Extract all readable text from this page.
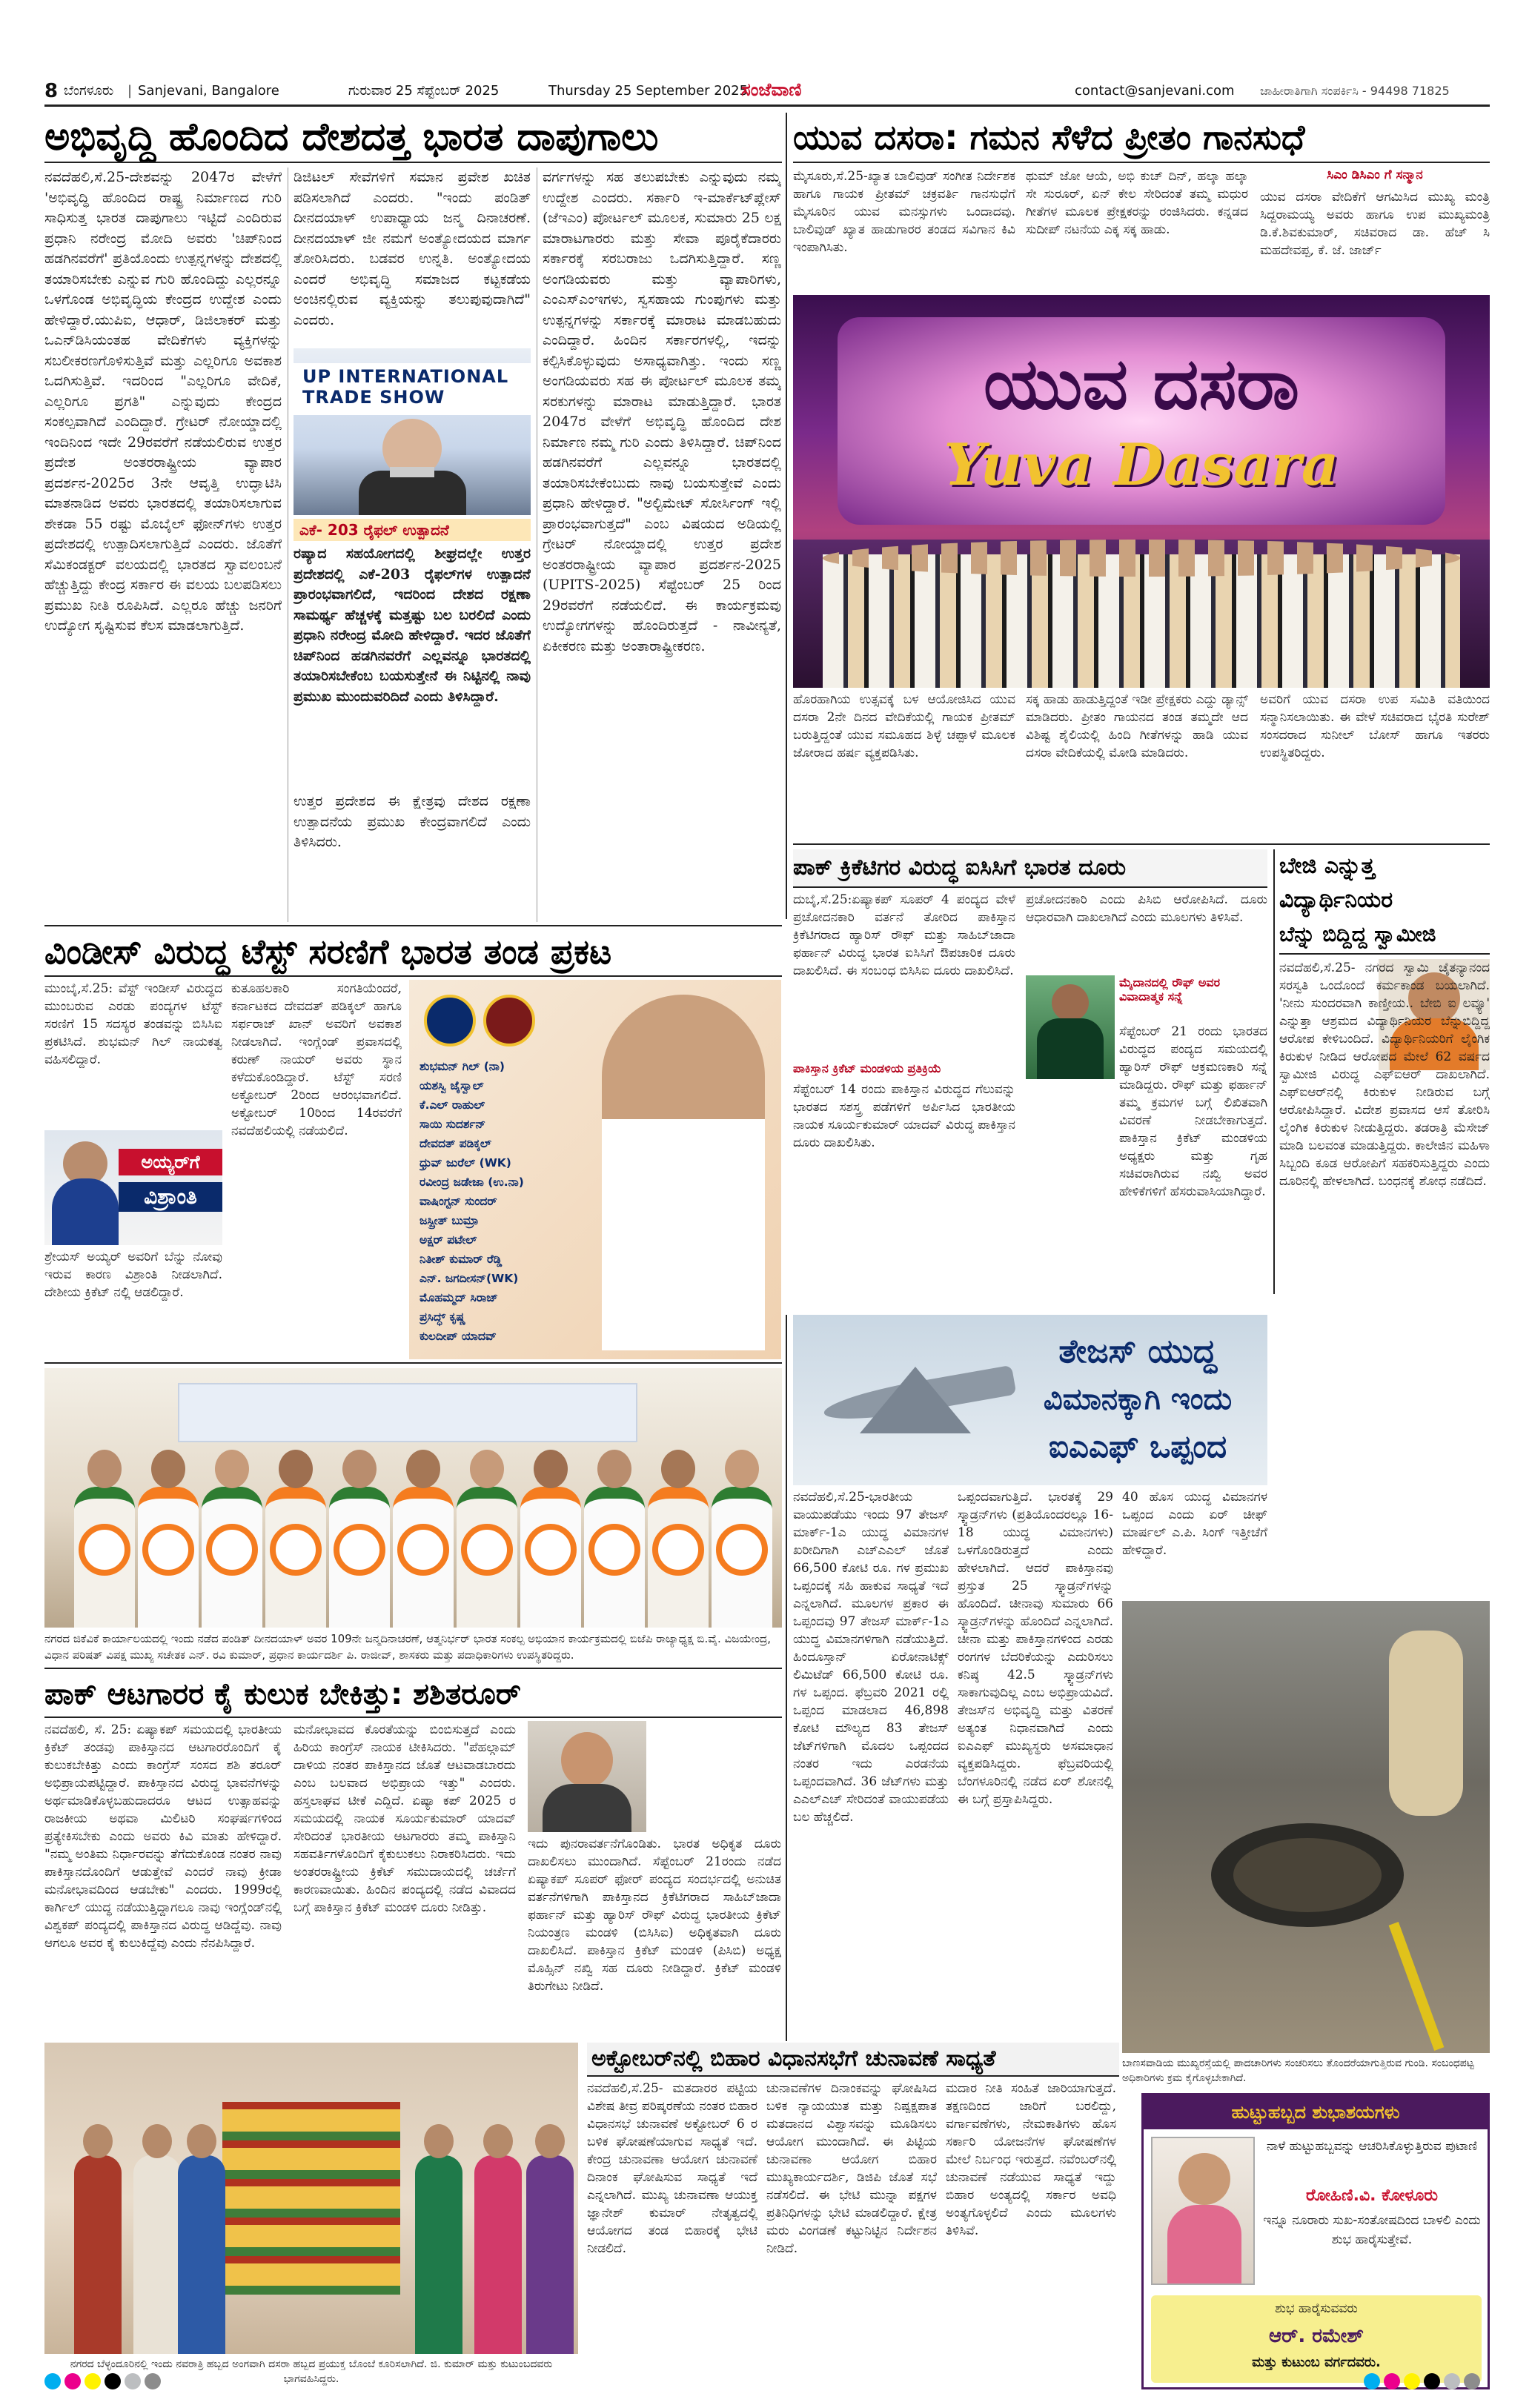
8 ಬೆಂಗಳೂರು | Sanjevani, Bangalore	ಗುರುವಾರ 25 ಸೆಪ್ಟೆಂಬರ್ 2025	Thursday 25 September 2025
ಸಂಜೆವಾಣಿ	contact@sanjevani.com ಜಾಹೀರಾತಿಗಾಗಿ ಸಂಪರ್ಕಿಸಿ - 94498 71825
ಅಭಿವೃದ್ಧಿ ಹೊಂದಿದ ದೇಶದತ್ತ ಭಾರತ ದಾಪುಗಾಲು
ನವದೆಹಲಿ,ಸೆ.25-ದೇಶವನ್ನು 2047ರ ವೇಳೆಗೆ 'ಅಭಿವೃದ್ಧಿ ಹೊಂದಿದ ರಾಷ್ಟ್ರ ನಿರ್ಮಾಣದ ಗುರಿ ಸಾಧಿಸುತ್ತ ಭಾರತ ದಾಪುಗಾಲು ಇಟ್ಟಿದೆ ಎಂದಿರುವ ಪ್ರಧಾನಿ ನರೇಂದ್ರ ಮೋದಿ ಅವರು 'ಚಿಪ್‌ನಿಂದ ಹಡಗಿನವರೆಗೆ' ಪ್ರತಿಯೊಂದು ಉತ್ಪನ್ನಗಳನ್ನು ದೇಶದಲ್ಲಿ ತಯಾರಿಸಬೇಕು ಎನ್ನುವ ಗುರಿ ಹೊಂದಿದ್ದು ಎಲ್ಲರನ್ನೂ ಒಳಗೊಂಡ ಅಭಿವೃದ್ಧಿಯ ಕೇಂದ್ರದ ಉದ್ದೇಶ ಎಂದು ಹೇಳಿದ್ದಾರೆ.ಯುಪಿಐ, ಆಧಾರ್, ಡಿಜಿಲಾಕರ್ ಮತ್ತು ಒಎನ್‌ಡಿಸಿಯಂತಹ ವೇದಿಕೆಗಳು ವ್ಯಕ್ತಿಗಳನ್ನು ಸಬಲೀಕರಣಗೊಳಿಸುತ್ತಿವೆ ಮತ್ತು ಎಲ್ಲರಿಗೂ ಅವಕಾಶ ಒದಗಿಸುತ್ತಿವೆ. ಇದರಿಂದ "ಎಲ್ಲರಿಗೂ ವೇದಿಕೆ, ಎಲ್ಲರಿಗೂ ಪ್ರಗತಿ" ಎನ್ನುವುದು ಕೇಂದ್ರದ ಸಂಕಲ್ಪವಾಗಿದೆ ಎಂದಿದ್ದಾರೆ. ಗ್ರೇಟರ್ ನೋಯ್ಡಾದಲ್ಲಿ ಇಂದಿನಿಂದ ಇದೇ 29ರವರೆಗೆ ನಡೆಯಲಿರುವ ಉತ್ತರ ಪ್ರದೇಶ ಅಂತರರಾಷ್ಟ್ರೀಯ ವ್ಯಾಪಾರ ಪ್ರದರ್ಶನ-2025ರ 3ನೇ ಆವೃತ್ತಿ ಉದ್ಘಾಟಿಸಿ ಮಾತನಾಡಿದ ಅವರು ಭಾರತದಲ್ಲಿ ತಯಾರಿಸಲಾಗುವ ಶೇಕಡಾ 55 ರಷ್ಟು ಮೊಬೈಲ್ ಫೋನ್‌ಗಳು ಉತ್ತರ ಪ್ರದೇಶದಲ್ಲಿ ಉತ್ಪಾದಿಸಲಾಗುತ್ತಿದೆ ಎಂದರು. ಜೊತೆಗೆ ಸೆಮಿಕಂಡಕ್ಟರ್ ವಲಯದಲ್ಲಿ ಭಾರತದ ಸ್ವಾವಲಂಬನೆ ಹೆಚ್ಚುತ್ತಿದ್ದು ಕೇಂದ್ರ ಸರ್ಕಾರ ಈ ವಲಯ ಬಲಪಡಿಸಲು ಪ್ರಮುಖ ನೀತಿ ರೂಪಿಸಿದೆ. ಎಲ್ಲರೂ ಹೆಚ್ಚು ಜನರಿಗೆ ಉದ್ಯೋಗ ಸೃಷ್ಟಿಸುವ ಕೆಲಸ ಮಾಡಲಾಗುತ್ತಿದೆ.
ಡಿಜಿಟಲ್ ಸೇವೆಗಳಿಗೆ ಸಮಾನ ಪ್ರವೇಶ ಖಚಿತ ಪಡಿಸಲಾಗಿದೆ ಎಂದರು. "ಇಂದು ಪಂಡಿತ್ ದೀನದಯಾಳ್ ಉಪಾಧ್ಯಾಯ ಜನ್ಮ ದಿನಾಚರಣೆ. ದೀನದಯಾಳ್ ಜೀ ನಮಗೆ ಅಂತ್ಯೋದಯದ ಮಾರ್ಗ ತೋರಿಸಿದರು. ಬಡವರ ಉನ್ನತಿ. ಅಂತ್ಯೋದಯ ಎಂದರೆ ಅಭಿವೃದ್ಧಿ ಸಮಾಜದ ಕಟ್ಟಕಡೆಯ ಅಂಚಿನಲ್ಲಿರುವ ವ್ಯಕ್ತಿಯನ್ನು ತಲುಪುವುದಾಗಿದೆ" ಎಂದರು.
UP INTERNATIONAL TRADE SHOW
ಎಕೆ- 203 ರೈಫಲ್ ಉತ್ಪಾದನೆ
ರಷ್ಯಾದ ಸಹಯೋಗದಲ್ಲಿ ಶೀಘ್ರದಲ್ಲೇ ಉತ್ತರ ಪ್ರದೇಶದಲ್ಲಿ ಎಕೆ-203 ರೈಫಲ್‌ಗಳ ಉತ್ಪಾದನೆ ಪ್ರಾರಂಭವಾಗಲಿದೆ, ಇದರಿಂದ ದೇಶದ ರಕ್ಷಣಾ ಸಾಮರ್ಥ್ಯ ಹೆಚ್ಚಳಕ್ಕೆ ಮತ್ತಷ್ಟು ಬಲ ಬರಲಿದೆ ಎಂದು ಪ್ರಧಾನಿ ನರೇಂದ್ರ ಮೋದಿ ಹೇಳಿದ್ದಾರೆ. ಇದರ ಜೊತೆಗೆ ಚಿಪ್‌ನಿಂದ ಹಡಗಿನವರೆಗೆ ಎಲ್ಲವನ್ನೂ ಭಾರತದಲ್ಲಿ ತಯಾರಿಸಬೇಕೆಂಬ ಬಯಸುತ್ತೇನೆ ಈ ನಿಟ್ಟಿನಲ್ಲಿ ನಾವು ಪ್ರಮುಖ ಮುಂದುವರಿದಿದೆ ಎಂದು ತಿಳಿಸಿದ್ದಾರೆ.
ಉತ್ತರ ಪ್ರದೇಶದ ಈ ಕ್ಷೇತ್ರವು ದೇಶದ ರಕ್ಷಣಾ ಉತ್ಪಾದನೆಯ ಪ್ರಮುಖ ಕೇಂದ್ರವಾಗಲಿದೆ ಎಂದು ತಿಳಿಸಿದರು.
ವರ್ಗಗಳನ್ನು ಸಹ ತಲುಪಬೇಕು ಎನ್ನುವುದು ನಮ್ಮ ಉದ್ದೇಶ ಎಂದರು. ಸರ್ಕಾರಿ ಇ-ಮಾರ್ಕೆಟ್‌ಪ್ಲೇಸ್ (ಜೆಇಎಂ) ಪೋರ್ಟಲ್ ಮೂಲಕ, ಸುಮಾರು 25 ಲಕ್ಷ ಮಾರಾಟಗಾರರು ಮತ್ತು ಸೇವಾ ಪೂರೈಕೆದಾರರು ಸರ್ಕಾರಕ್ಕೆ ಸರಬರಾಜು ಒದಗಿಸುತ್ತಿದ್ದಾರೆ. ಸಣ್ಣ ಅಂಗಡಿಯವರು ಮತ್ತು ವ್ಯಾಪಾರಿಗಳು, ಎಂಎಸ್‌ಎಂಇಗಳು, ಸ್ವಸಹಾಯ ಗುಂಪುಗಳು ಮತ್ತು ಉತ್ಪನ್ನಗಳನ್ನು ಸರ್ಕಾರಕ್ಕೆ ಮಾರಾಟ ಮಾಡಬಹುದು ಎಂದಿದ್ದಾರೆ. ಹಿಂದಿನ ಸರ್ಕಾರಗಳಲ್ಲಿ, ಇದನ್ನು ಕಲ್ಪಿಸಿಕೊಳ್ಳುವುದು ಅಸಾಧ್ಯವಾಗಿತ್ತು. ಇಂದು ಸಣ್ಣ ಅಂಗಡಿಯವರು ಸಹ ಈ ಪೋರ್ಟಲ್ ಮೂಲಕ ತಮ್ಮ ಸರಕುಗಳನ್ನು ಮಾರಾಟ ಮಾಡುತ್ತಿದ್ದಾರೆ. ಭಾರತ 2047ರ ವೇಳೆಗೆ ಅಭಿವೃದ್ಧಿ ಹೊಂದಿದ ದೇಶ ನಿರ್ಮಾಣ ನಮ್ಮ ಗುರಿ ಎಂದು ತಿಳಿಸಿದ್ದಾರೆ. ಚಿಪ್‌ನಿಂದ ಹಡಗಿನವರೆಗೆ ಎಲ್ಲವನ್ನೂ ಭಾರತದಲ್ಲಿ ತಯಾರಿಸಬೇಕೆಂಬುದು ನಾವು ಬಯಸುತ್ತೇವೆ ಎಂದು ಪ್ರಧಾನಿ ಹೇಳಿದ್ದಾರೆ. "ಅಲ್ಟಿಮೇಟ್ ಸೋರ್ಸಿಂಗ್ ಇಲ್ಲಿ ಪ್ರಾರಂಭವಾಗುತ್ತದೆ" ಎಂಬ ವಿಷಯದ ಅಡಿಯಲ್ಲಿ ಗ್ರೇಟರ್ ನೋಯ್ಡಾದಲ್ಲಿ ಉತ್ತರ ಪ್ರದೇಶ ಅಂತರರಾಷ್ಟ್ರೀಯ ವ್ಯಾಪಾರ ಪ್ರದರ್ಶನ-2025 (UPITS-2025) ಸೆಪ್ಟೆಂಬರ್ 25 ರಿಂದ 29ರವರೆಗೆ ನಡೆಯಲಿದೆ. ಈ ಕಾರ್ಯಕ್ರಮವು ಉದ್ಯೋಗಗಳನ್ನು ಹೊಂದಿರುತ್ತದೆ - ನಾವೀನ್ಯತೆ, ಏಕೀಕರಣ ಮತ್ತು ಅಂತಾರಾಷ್ಟ್ರೀಕರಣ.
ಯುವ ದಸರಾ: ಗಮನ ಸೆಳೆದ ಪ್ರೀತಂ ಗಾನಸುಧೆ
ಮೈಸೂರು,ಸೆ.25-ಖ್ಯಾತ ಬಾಲಿವುಡ್ ಸಂಗೀತ ನಿರ್ದೇಶಕ ಹಾಗೂ ಗಾಯಕ ಪ್ರೀತಮ್ ಚಕ್ರವರ್ತಿ ಗಾನಸುಧೆಗೆ ಮೈಸೂರಿನ ಯುವ ಮನಸ್ಸುಗಳು ಒಂದಾದವು. ಬಾಲಿವುಡ್ ಖ್ಯಾತ ಹಾಡುಗಾರರ ತಂಡದ ಸವಿಗಾನ ಕಿವಿ ಇಂಪಾಗಿಸಿತು.
ಥುಮ್ ಜೋ ಆಯೆ, ಅಭಿ ಕುಚ್ ದಿನ್, ಹಲ್ಕಾ ಹಲ್ಕಾ ಸೇ ಸುರೂರ್, ಏನ್ ಕೇಲ ಸೇರಿದಂತೆ ತಮ್ಮ ಮಧುರ ಗೀತೆಗಳ ಮೂಲಕ ಪ್ರೇಕ್ಷಕರನ್ನು ರಂಜಿಸಿದರು. ಕನ್ನಡದ ಸುದೀಪ್ ನಟನೆಯ ಎಕ್ಕ ಸಕ್ಕ ಹಾಡು.
ಸಿಎಂ ಡಿಸಿಎಂ ಗೆ ಸನ್ಮಾನ
ಯುವ ದಸರಾ ವೇದಿಕೆಗೆ ಆಗಮಿಸಿದ ಮುಖ್ಯ ಮಂತ್ರಿ ಸಿದ್ದರಾಮಯ್ಯ ಅವರು ಹಾಗೂ ಉಪ ಮುಖ್ಯಮಂತ್ರಿ ಡಿ.ಕೆ.ಶಿವಕುಮಾರ್, ಸಚಿವರಾದ ಡಾ. ಹೆಚ್ ಸಿ ಮಹದೇವಪ್ಪ, ಕೆ. ಜೆ. ಜಾರ್ಜ್
ಯುವ ದಸರಾ
Yuva Dasara
ಹೊರಹಾಗಿಯ ಉತ್ಸವಕ್ಕೆ ಬಳ ಆಯೋಜಿಸಿದ ಯುವ ದಸರಾ 2ನೇ ದಿನದ ವೇದಿಕೆಯಲ್ಲಿ ಗಾಯಕ ಪ್ರೀತಮ್ ಬರುತ್ತಿದ್ದಂತೆ ಯುವ ಸಮೂಹದ ಶಿಳ್ಳೆ ಚಪ್ಪಾಳೆ ಮೂಲಕ ಜೋರಾದ ಹರ್ಷ ವ್ಯಕ್ತಪಡಿಸಿತು.
ಸಕ್ಕ ಹಾಡು ಹಾಡುತ್ತಿದ್ದಂತೆ ಇಡೀ ಪ್ರೇಕ್ಷಕರು ಎದ್ದು ಡ್ಯಾನ್ಸ್ ಮಾಡಿದರು. ಪ್ರೀತಂ ಗಾಯನದ ತಂಡ ತಮ್ಮದೇ ಆದ ವಿಶಿಷ್ಟ ಶೈಲಿಯಲ್ಲಿ ಹಿಂದಿ ಗೀತೆಗಳನ್ನು ಹಾಡಿ ಯುವ ದಸರಾ ವೇದಿಕೆಯಲ್ಲಿ ಮೋಡಿ ಮಾಡಿದರು.
ಅವರಿಗೆ ಯುವ ದಸರಾ ಉಪ ಸಮಿತಿ ವತಿಯಿಂದ ಸನ್ಮಾನಿಸಲಾಯಿತು. ಈ ವೇಳೆ ಸಚಿವರಾದ ಭೈರತಿ ಸುರೇಶ್ ಸಂಸದರಾದ ಸುನೀಲ್ ಬೋಸ್ ಹಾಗೂ ಇತರರು ಉಪಸ್ಥಿತರಿದ್ದರು.
ವಿಂಡೀಸ್ ವಿರುದ್ಧ ಟೆಸ್ಟ್ ಸರಣಿಗೆ ಭಾರತ ತಂಡ ಪ್ರಕಟ
ಮುಂಬೈ,ಸೆ.25: ವೆಸ್ಟ್ ಇಂಡೀಸ್ ವಿರುದ್ಧದ ಮುಂಬರುವ ಎರಡು ಪಂದ್ಯಗಳ ಟೆಸ್ಟ್ ಸರಣಿಗೆ 15 ಸದಸ್ಯರ ತಂಡವನ್ನು ಬಿಸಿಸಿಐ ಪ್ರಕಟಿಸಿದೆ. ಶುಭಮನ್ ಗಿಲ್ ನಾಯಕತ್ವ ವಹಿಸಲಿದ್ದಾರೆ.
ಅಯ್ಯರ್‌ಗೆ
ವಿಶ್ರಾಂತಿ
ಶ್ರೇಯಸ್ ಅಯ್ಯರ್ ಅವರಿಗೆ ಬೆನ್ನು ನೋವು ಇರುವ ಕಾರಣ ವಿಶ್ರಾಂತಿ ನೀಡಲಾಗಿದೆ. ದೇಶೀಯ ಕ್ರಿಕೆಟ್ ನಲ್ಲಿ ಆಡಲಿದ್ದಾರೆ.
ಕುತೂಹಲಕಾರಿ ಸಂಗತಿಯೆಂದರೆ, ಕರ್ನಾಟಕದ ದೇವದತ್ ಪಡಿಕ್ಕಲ್ ಹಾಗೂ ಸರ್ಫರಾಜ್ ಖಾನ್ ಅವರಿಗೆ ಅವಕಾಶ ನೀಡಲಾಗಿದೆ. ಇಂಗ್ಲೆಂಡ್ ಪ್ರವಾಸದಲ್ಲಿ ಕರುಣ್ ನಾಯರ್ ಅವರು ಸ್ಥಾನ ಕಳೆದುಕೊಂಡಿದ್ದಾರೆ. ಟೆಸ್ಟ್ ಸರಣಿ ಅಕ್ಟೋಬರ್ 2ರಿಂದ ಆರಂಭವಾಗಲಿದೆ. ಅಕ್ಟೋಬರ್ 10ರಿಂದ 14ರವರೆಗೆ ನವದೆಹಲಿಯಲ್ಲಿ ನಡೆಯಲಿದೆ.
ಶುಭಮನ್ ಗಿಲ್ (ನಾ)
ಯಶಸ್ವಿ ಜೈಸ್ವಾಲ್
ಕೆ.ಎಲ್ ರಾಹುಲ್
ಸಾಯಿ ಸುದರ್ಶನ್
ದೇವದತ್ ಪಡಿಕ್ಕಲ್
ಧ್ರುವ್ ಜುರೆಲ್ (WK)
ರವೀಂದ್ರ ಜಡೇಜಾ (ಉ.ನಾ)
ವಾಷಿಂಗ್ಟನ್ ಸುಂದರ್
ಜಸ್ಪ್ರೀತ್ ಬುಮ್ರಾ
ಅಕ್ಷರ್ ಪಟೇಲ್
ನಿತೀಶ್ ಕುಮಾರ್ ರೆಡ್ಡಿ
ಎನ್. ಜಗದೀಸನ್(WK)
ಮೊಹಮ್ಮದ್ ಸಿರಾಜ್
ಪ್ರಸಿದ್ಧ್ ಕೃಷ್ಣ
ಕುಲದೀಪ್ ಯಾದವ್
ಪಾಕ್ ಕ್ರಿಕೆಟಿಗರ ವಿರುದ್ಧ ಐಸಿಸಿಗೆ ಭಾರತ ದೂರು
ದುಬೈ,ಸೆ.25:ಏಷ್ಯಾಕಪ್ ಸೂಪರ್ 4 ಪಂದ್ಯದ ವೇಳೆ ಪ್ರಚೋದನಕಾರಿ ವರ್ತನೆ ತೋರಿದ ಪಾಕಿಸ್ತಾನ ಕ್ರಿಕೆಟಿಗರಾದ ಹ್ಯಾರಿಸ್ ರೌಫ್ ಮತ್ತು ಸಾಹಿಬ್‌ಜಾದಾ ಫರ್ಹಾನ್ ವಿರುದ್ಧ ಭಾರತ ಐಸಿಸಿಗೆ ಔಪಚಾರಿಕ ದೂರು ದಾಖಲಿಸಿದೆ. ಈ ಸಂಬಂಧ ಬಿಸಿಸಿಐ ದೂರು ದಾಖಲಿಸಿದೆ.
ಪಾಕಿಸ್ತಾನ ಕ್ರಿಕೆಟ್ ಮಂಡಳಿಯ ಪ್ರತಿಕ್ರಿಯೆ
ಸೆಪ್ಟೆಂಬರ್ 14 ರಂದು ಪಾಕಿಸ್ತಾನ ವಿರುದ್ಧದ ಗೆಲುವನ್ನು ಭಾರತದ ಸಶಸ್ತ್ರ ಪಡೆಗಳಿಗೆ ಅರ್ಪಿಸಿದ ಭಾರತೀಯ ನಾಯಕ ಸೂರ್ಯಕುಮಾರ್ ಯಾದವ್ ವಿರುದ್ಧ ಪಾಕಿಸ್ತಾನ ದೂರು ದಾಖಲಿಸಿತು.
ಪ್ರಚೋದನಕಾರಿ ಎಂದು ಪಿಸಿಬಿ ಆರೋಪಿಸಿದೆ. ದೂರು ಆಧಾರವಾಗಿ ದಾಖಲಾಗಿದೆ ಎಂದು ಮೂಲಗಳು ತಿಳಿಸಿವೆ.
ಮೈದಾನದಲ್ಲಿ ರೌಫ್ ಅವರ ವಿವಾದಾತ್ಮಕ ಸನ್ನೆ
ಸೆಪ್ಟೆಂಬರ್ 21 ರಂದು ಭಾರತದ ವಿರುದ್ಧದ ಪಂದ್ಯದ ಸಮಯದಲ್ಲಿ ಹ್ಯಾರಿಸ್ ರೌಫ್ ಆಕ್ರಮಣಕಾರಿ ಸನ್ನೆ ಮಾಡಿದ್ದರು. ರೌಫ್ ಮತ್ತು ಫರ್ಹಾನ್ ತಮ್ಮ ಕ್ರಮಗಳ ಬಗ್ಗೆ ಲಿಖಿತವಾಗಿ ವಿವರಣೆ ನೀಡಬೇಕಾಗುತ್ತದೆ. ಪಾಕಿಸ್ತಾನ ಕ್ರಿಕೆಟ್ ಮಂಡಳಿಯ ಅಧ್ಯಕ್ಷರು ಮತ್ತು ಗೃಹ ಸಚಿವರಾಗಿರುವ ನಖ್ವಿ ಅವರ ಹೇಳಿಕೆಗಳಿಗೆ ಹೆಸರುವಾಸಿಯಾಗಿದ್ದಾರೆ.
ಬೇಜಿ ಎನ್ನುತ್ತ
ವಿದ್ಯಾರ್ಥಿನಿಯರ
ಬೆನ್ನು ಬಿದ್ದಿದ್ದ ಸ್ವಾಮೀಜಿ
ನವದೆಹಲಿ,ಸೆ.25- ನಗರದ ಸ್ವಾಮಿ ಚೈತನ್ಯಾನಂದ ಸರಸ್ವತಿ ಒಂದೊಂದೆ ಕರ್ಮಕಾಂಡ ಬಯಲಾಗಿದೆ. 'ನೀನು ಸುಂದರವಾಗಿ ಕಾಣ್ತೀಯ.. ಬೇಬಿ ಐ ಲವ್ಯೂ' ಎನ್ನುತ್ತಾ ಆಶ್ರಮದ ವಿದ್ಯಾರ್ಥಿನಿಯರ ಬೆನ್ನುಬಿದ್ದಿದ್ದ ಆರೋಪ ಕೇಳಿಬಂದಿದೆ. ವಿದ್ಯಾರ್ಥಿನಿಯರಿಗೆ ಲೈಂಗಿಕ ಕಿರುಕುಳ ನೀಡಿದ ಆರೋಪದ ಮೇಲೆ 62 ವರ್ಷದ ಸ್ವಾಮೀಜಿ ವಿರುದ್ಧ ಎಫ್‌ಐಆರ್ ದಾಖಲಾಗಿದೆ. ಎಫ್‌ಐಆರ್‌ನಲ್ಲಿ ಕಿರುಕುಳ ನೀಡಿರುವ ಬಗ್ಗೆ ಆರೋಪಿಸಿದ್ದಾರೆ. ವಿದೇಶ ಪ್ರವಾಸದ ಆಸೆ ತೋರಿಸಿ ಲೈಂಗಿಕ ಕಿರುಕುಳ ನೀಡುತ್ತಿದ್ದರು. ತಡರಾತ್ರಿ ಮೆಸೇಜ್ ಮಾಡಿ ಬಲವಂತ ಮಾಡುತ್ತಿದ್ದರು. ಕಾಲೇಜಿನ ಮಹಿಳಾ ಸಿಬ್ಬಂದಿ ಕೂಡ ಆರೋಪಿಗೆ ಸಹಕರಿಸುತ್ತಿದ್ದರು ಎಂದು ದೂರಿನಲ್ಲಿ ಹೇಳಲಾಗಿದೆ. ಬಂಧನಕ್ಕೆ ಶೋಧ ನಡೆದಿದೆ.
ನಗರದ ಜಿಕೆವಿಕೆ ಕಾರ್ಯಾಲಯದಲ್ಲಿ ಇಂದು ನಡೆದ ಪಂಡಿತ್ ದೀನದಯಾಳ್ ಅವರ 109ನೇ ಜನ್ಮದಿನಾಚರಣೆ, ಆತ್ಮನಿರ್ಭರ್ ಭಾರತ ಸಂಕಲ್ಪ ಅಭಿಯಾನ ಕಾರ್ಯಕ್ರಮದಲ್ಲಿ ಬಿಜೆಪಿ ರಾಜ್ಯಾಧ್ಯಕ್ಷ ಬಿ.ವೈ. ವಿಜಯೇಂದ್ರ, ವಿಧಾನ ಪರಿಷತ್ ವಿಪಕ್ಷ ಮುಖ್ಯ ಸಚೇತಕ ಎನ್. ರವಿ ಕುಮಾರ್, ಪ್ರಧಾನ ಕಾರ್ಯದರ್ಶಿ ಪಿ. ರಾಜೀವ್, ಶಾಸಕರು ಮತ್ತು ಪದಾಧಿಕಾರಿಗಳು ಉಪಸ್ಥಿತರಿದ್ದರು.
ಪಾಕ್ ಆಟಗಾರರ ಕೈ ಕುಲುಕ ಬೇಕಿತ್ತು: ಶಶಿತರೂರ್
ನವದೆಹಲಿ, ಸೆ. 25: ಏಷ್ಯಾಕಪ್ ಸಮಯದಲ್ಲಿ ಭಾರತೀಯ ಕ್ರಿಕೆಟ್ ತಂಡವು ಪಾಕಿಸ್ತಾನದ ಆಟಗಾರರೊಂದಿಗೆ ಕೈ ಕುಲುಕಬೇಕಿತ್ತು ಎಂದು ಕಾಂಗ್ರೆಸ್ ಸಂಸದ ಶಶಿ ತರೂರ್ ಅಭಿಪ್ರಾಯಪಟ್ಟಿದ್ದಾರೆ. ಪಾಕಿಸ್ತಾನದ ವಿರುದ್ಧ ಭಾವನೆಗಳನ್ನು ಅರ್ಥಮಾಡಿಕೊಳ್ಳಬಹುದಾದರೂ ಆಟದ ಉತ್ಸಾಹವನ್ನು ರಾಜಕೀಯ ಅಥವಾ ಮಿಲಿಟರಿ ಸಂಘರ್ಷಗಳಿಂದ ಪ್ರತ್ಯೇಕಿಸಬೇಕು ಎಂದು ಅವರು ಕಿವಿ ಮಾತು ಹೇಳಿದ್ದಾರೆ. "ನಮ್ಮ ಅಂತಿಮ ನಿರ್ಧಾರವನ್ನು ತೆಗೆದುಕೊಂಡ ನಂತರ ನಾವು ಪಾಕಿಸ್ತಾನದೊಂದಿಗೆ ಆಡುತ್ತೇವೆ ಎಂದರೆ ನಾವು ಕ್ರೀಡಾ ಮನೋಭಾವದಿಂದ ಆಡಬೇಕು" ಎಂದರು. 1999ರಲ್ಲಿ ಕಾರ್ಗಿಲ್ ಯುದ್ಧ ನಡೆಯುತ್ತಿದ್ದಾಗಲೂ ನಾವು ಇಂಗ್ಲೆಂಡ್‌ನಲ್ಲಿ ವಿಶ್ವಕಪ್ ಪಂದ್ಯದಲ್ಲಿ ಪಾಕಿಸ್ತಾನದ ವಿರುದ್ಧ ಆಡಿದ್ದೆವು. ನಾವು ಆಗಲೂ ಅವರ ಕೈ ಕುಲುಕಿದ್ದೆವು ಎಂದು ನೆನಪಿಸಿದ್ದಾರೆ.
ಮನೋಭಾವದ ಕೊರತೆಯನ್ನು ಬಿಂಬಿಸುತ್ತದೆ ಎಂದು ಹಿರಿಯ ಕಾಂಗ್ರೆಸ್ ನಾಯಕ ಟೀಕಿಸಿದರು. "ಪೆಹಲ್ಗಾಮ್ ದಾಳಿಯ ನಂತರ ಪಾಕಿಸ್ತಾನದ ಜೊತೆ ಆಟವಾಡಬಾರದು ಎಂಬ ಬಲವಾದ ಅಭಿಪ್ರಾಯ ಇತ್ತು" ಎಂದರು. ಹಸ್ತಲಾಘವ ಟೀಕೆ ಎದ್ದಿದೆ. ಏಷ್ಯಾ ಕಪ್ 2025 ರ ಸಮಯದಲ್ಲಿ ನಾಯಕ ಸೂರ್ಯಕುಮಾರ್ ಯಾದವ್ ಸೇರಿದಂತೆ ಭಾರತೀಯ ಆಟಗಾರರು ತಮ್ಮ ಪಾಕಿಸ್ತಾನಿ ಸಹವರ್ತಿಗಳೊಂದಿಗೆ ಕೈಕುಲುಕಲು ನಿರಾಕರಿಸಿದರು. ಇದು ಅಂತರರಾಷ್ಟ್ರೀಯ ಕ್ರಿಕೆಟ್ ಸಮುದಾಯದಲ್ಲಿ ಚರ್ಚೆಗೆ ಕಾರಣವಾಯಿತು. ಹಿಂದಿನ ಪಂದ್ಯದಲ್ಲಿ ನಡೆದ ವಿವಾದದ ಬಗ್ಗೆ ಪಾಕಿಸ್ತಾನ ಕ್ರಿಕೆಟ್ ಮಂಡಳಿ ದೂರು ನೀಡಿತ್ತು.
ಇದು ಪುನರಾವರ್ತನೆಗೊಂಡಿತು. ಭಾರತ ಅಧಿಕೃತ ದೂರು ದಾಖಲಿಸಲು ಮುಂದಾಗಿದೆ. ಸೆಪ್ಟೆಂಬರ್ 21ರಂದು ನಡೆದ ಏಷ್ಯಾಕಪ್ ಸೂಪರ್ ಫೋರ್ ಪಂದ್ಯದ ಸಂದರ್ಭದಲ್ಲಿ ಅನುಚಿತ ವರ್ತನೆಗಳಿಗಾಗಿ ಪಾಕಿಸ್ತಾನದ ಕ್ರಿಕೆಟಿಗರಾದ ಸಾಹಿಬ್‌ಜಾದಾ ಫರ್ಹಾನ್ ಮತ್ತು ಹ್ಯಾರಿಸ್ ರೌಫ್ ವಿರುದ್ಧ ಭಾರತೀಯ ಕ್ರಿಕೆಟ್ ನಿಯಂತ್ರಣ ಮಂಡಳಿ (ಬಿಸಿಸಿಐ) ಅಧಿಕೃತವಾಗಿ ದೂರು ದಾಖಲಿಸಿದೆ. ಪಾಕಿಸ್ತಾನ ಕ್ರಿಕೆಟ್ ಮಂಡಳಿ (ಪಿಸಿಬಿ) ಅಧ್ಯಕ್ಷ ಮೊಹ್ಸಿನ್ ನಖ್ವಿ ಸಹ ದೂರು ನೀಡಿದ್ದಾರೆ. ಕ್ರಿಕೆಟ್ ಮಂಡಳಿ ತಿರುಗೇಟು ನೀಡಿದೆ.
ತೇಜಸ್ ಯುದ್ಧ
ವಿಮಾನಕ್ಕಾಗಿ ಇಂದು
ಐಎಎಫ್ ಒಪ್ಪಂದ
ನವದೆಹಲಿ,ಸೆ.25-ಭಾರತೀಯ ವಾಯುಪಡೆಯು ಇಂದು 97 ತೇಜಸ್ ಮಾರ್ಕ್-1ಎ ಯುದ್ಧ ವಿಮಾನಗಳ ಖರೀದಿಗಾಗಿ ಎಚ್‌ಎಎಲ್ ಜೊತೆ 66,500 ಕೋಟಿ ರೂ. ಗಳ ಪ್ರಮುಖ ಒಪ್ಪಂದಕ್ಕೆ ಸಹಿ ಹಾಕುವ ಸಾಧ್ಯತೆ ಇದೆ ಎನ್ನಲಾಗಿದೆ. ಮೂಲಗಳ ಪ್ರಕಾರ ಈ ಒಪ್ಪಂದವು 97 ತೇಜಸ್ ಮಾರ್ಕ್-1ಎ ಯುದ್ಧ ವಿಮಾನಗಳಿಗಾಗಿ ನಡೆಯುತ್ತಿದೆ. ಹಿಂದೂಸ್ತಾನ್ ಏರೋನಾಟಿಕ್ಸ್ ಲಿಮಿಟೆಡ್ 66,500 ಕೋಟಿ ರೂ. ಗಳ ಒಪ್ಪಂದ. ಫೆಬ್ರವರಿ 2021 ರಲ್ಲಿ ಒಪ್ಪಂದ ಮಾಡಲಾದ 46,898 ಕೋಟಿ ಮೌಲ್ಯದ 83 ತೇಜಸ್ ಜೆಟ್‌ಗಳಿಗಾಗಿ ಮೊದಲ ಒಪ್ಪಂದದ ನಂತರ ಇದು ಎರಡನೆಯ ಒಪ್ಪಂದವಾಗಿದೆ. 36 ಜೆಟ್‌ಗಳು ಮತ್ತು ಎಎಲ್‌ಎಚ್ ಸೇರಿದಂತೆ ವಾಯುಪಡೆಯ ಬಲ ಹೆಚ್ಚಲಿದೆ.
ಒಪ್ಪಂದವಾಗುತ್ತಿದೆ. ಭಾರತಕ್ಕೆ 29 ಸ್ಕ್ವಾಡ್ರನ್‌ಗಳು (ಪ್ರತಿಯೊಂದರಲ್ಲೂ 16-18 ಯುದ್ಧ ವಿಮಾನಗಳು) ಒಳಗೊಂಡಿರುತ್ತದೆ ಎಂದು ಹೇಳಲಾಗಿದೆ. ಆದರೆ ಪಾಕಿಸ್ತಾನವು ಪ್ರಸ್ತುತ 25 ಸ್ಕ್ವಾಡ್ರನ್‌ಗಳನ್ನು ಹೊಂದಿದೆ. ಚೀನಾವು ಸುಮಾರು 66 ಸ್ಕ್ವಾಡ್ರನ್‌ಗಳನ್ನು ಹೊಂದಿದೆ ಎನ್ನಲಾಗಿದೆ. ಚೀನಾ ಮತ್ತು ಪಾಕಿಸ್ತಾನಗಳಿಂದ ಎರಡು ರಂಗಗಳ ಬೆದರಿಕೆಯನ್ನು ಎದುರಿಸಲು ಕನಿಷ್ಠ 42.5 ಸ್ಕ್ವಾಡ್ರನ್‌ಗಳು ಸಾಕಾಗುವುದಿಲ್ಲ ಎಂಬ ಅಭಿಪ್ರಾಯವಿದೆ. ತೇಜಸ್‌ನ ಅಭಿವೃದ್ಧಿ ಮತ್ತು ವಿತರಣೆ ಅತ್ಯಂತ ನಿಧಾನವಾಗಿದೆ ಎಂದು ಐಎಎಫ್ ಮುಖ್ಯಸ್ಥರು ಅಸಮಾಧಾನ ವ್ಯಕ್ತಪಡಿಸಿದ್ದರು. ಫೆಬ್ರವರಿಯಲ್ಲಿ ಬೆಂಗಳೂರಿನಲ್ಲಿ ನಡೆದ ಏರ್ ಶೋನಲ್ಲಿ ಈ ಬಗ್ಗೆ ಪ್ರಸ್ತಾಪಿಸಿದ್ದರು.
40 ಹೊಸ ಯುದ್ಧ ವಿಮಾನಗಳ ಒಪ್ಪಂದ ಎಂದು ಏರ್ ಚೀಫ್ ಮಾರ್ಷಲ್ ಎ.ಪಿ. ಸಿಂಗ್ ಇತ್ತೀಚೆಗೆ ಹೇಳಿದ್ದಾರೆ.
ಬಾಣಸವಾಡಿಯ ಮುಖ್ಯರಸ್ತೆಯಲ್ಲಿ ಪಾದಚಾರಿಗಳು ಸಂಚರಿಸಲು ತೊಂದರೆಯಾಗುತ್ತಿರುವ ಗುಂಡಿ. ಸಂಬಂಧಪಟ್ಟ ಅಧಿಕಾರಿಗಳು ಕ್ರಮ ಕೈಗೊಳ್ಳಬೇಕಾಗಿದೆ.
ನಗರದ ಬೆಳ್ಳಂದೂರಿನಲ್ಲಿ ಇಂದು ನವರಾತ್ರಿ ಹಬ್ಬದ ಅಂಗವಾಗಿ ದಸರಾ ಹಬ್ಬದ ಪ್ರಯುಕ್ತ ಬೊಂಬೆ ಕೂರಿಸಲಾಗಿದೆ. ಜಿ. ಕುಮಾರ್ ಮತ್ತು ಕುಟುಂಬದವರು ಭಾಗವಹಿಸಿದ್ದರು.
ಅಕ್ಟೋಬರ್‌ನಲ್ಲಿ ಬಿಹಾರ ವಿಧಾನಸಭೆಗೆ ಚುನಾವಣೆ ಸಾಧ್ಯತೆ
ನವದೆಹಲಿ,ಸೆ.25- ಮತದಾರರ ಪಟ್ಟಿಯ ವಿಶೇಷ ತೀವ್ರ ಪರಿಷ್ಕರಣೆಯ ನಂತರ ಬಿಹಾರ ವಿಧಾನಸಭೆ ಚುನಾವಣೆ ಅಕ್ಟೋಬರ್ 6 ರ ಬಳಿಕ ಘೋಷಣೆಯಾಗುವ ಸಾಧ್ಯತೆ ಇದೆ. ಕೇಂದ್ರ ಚುನಾವಣಾ ಆಯೋಗ ಚುನಾವಣೆ ದಿನಾಂಕ ಘೋಷಿಸುವ ಸಾಧ್ಯತೆ ಇದೆ ಎನ್ನಲಾಗಿದೆ. ಮುಖ್ಯ ಚುನಾವಣಾ ಆಯುಕ್ತ ಜ್ಞಾನೇಶ್ ಕುಮಾರ್ ನೇತೃತ್ವದಲ್ಲಿ ಆಯೋಗದ ತಂಡ ಬಿಹಾರಕ್ಕೆ ಭೇಟಿ ನೀಡಲಿದೆ.
ಚುನಾವಣೆಗಳ ದಿನಾಂಕವನ್ನು ಘೋಷಿಸಿದ ಬಳಿಕ ನ್ಯಾಯಯುತ ಮತ್ತು ನಿಷ್ಪಕ್ಷಪಾತ ಮತದಾನದ ವಿಶ್ವಾಸವನ್ನು ಮೂಡಿಸಲು ಆಯೋಗ ಮುಂದಾಗಿದೆ. ಈ ಪಿಟ್ಟಿಯ ಚುನಾವಣಾ ಆಯೋಗ ಬಿಹಾರ ಮುಖ್ಯಕಾರ್ಯದರ್ಶಿ, ಡಿಜಿಪಿ ಜೊತೆ ಸಭೆ ನಡೆಸಲಿದೆ. ಈ ಭೇಟಿ ಮುನ್ನಾ ಪಕ್ಷಗಳ ಪ್ರತಿನಿಧಿಗಳನ್ನು ಭೇಟಿ ಮಾಡಲಿದ್ದಾರೆ. ಕ್ಷೇತ್ರ ಮರು ವಿಂಗಡಣೆ ಕಟ್ಟುನಿಟ್ಟಿನ ನಿರ್ದೇಶನ ನೀಡಿದೆ.
ಮದಾರ ನೀತಿ ಸಂಹಿತೆ ಜಾರಿಯಾಗುತ್ತದೆ. ತಕ್ಷಣದಿಂದ ಜಾರಿಗೆ ಬರಲಿದ್ದು, ವರ್ಗಾವಣೆಗಳು, ನೇಮಕಾತಿಗಳು ಹೊಸ ಸರ್ಕಾರಿ ಯೋಜನೆಗಳ ಘೋಷಣೆಗಳ ಮೇಲೆ ನಿರ್ಬಂಧ ಇರುತ್ತದೆ. ನವೆಂಬರ್‌ನಲ್ಲಿ ಚುನಾವಣೆ ನಡೆಯುವ ಸಾಧ್ಯತೆ ಇದ್ದು ಬಿಹಾರ ಅಂತ್ಯದಲ್ಲಿ ಸರ್ಕಾರ ಅವಧಿ ಅಂತ್ಯಗೊಳ್ಳಲಿದೆ ಎಂದು ಮೂಲಗಳು ತಿಳಿಸಿವೆ.
ಹುಟ್ಟುಹಬ್ಬದ ಶುಭಾಶಯಗಳು
ನಾಳೆ ಹುಟ್ಟುಹಬ್ಬವನ್ನು ಆಚರಿಸಿಕೊಳ್ಳುತ್ತಿರುವ ಪುಟಾಣಿ
ರೋಹಿಣಿ.ವಿ. ಕೋಳೂರು
ಇನ್ನೂ ನೂರಾರು ಸುಖ-ಸಂತೋಷದಿಂದ ಬಾಳಲಿ ಎಂದು ಶುಭ ಹಾರೈಸುತ್ತೇವೆ.
ಶುಭ ಹಾರೈಸುವವರು
ಆರ್. ರಮೇಶ್
ಮತ್ತು ಕುಟುಂಬ ವರ್ಗದವರು.
